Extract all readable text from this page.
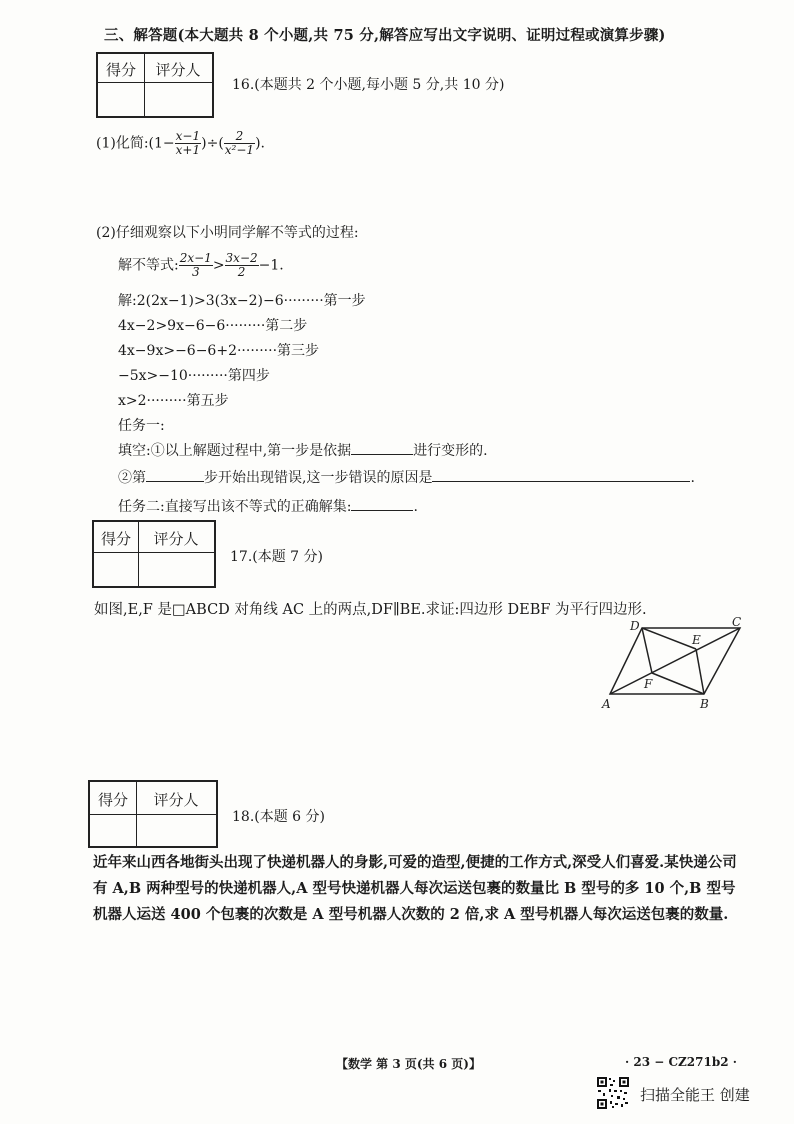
三、解答题(本大题共 8 个小题,共 75 分,解答应写出文字说明、证明过程或演算步骤)
得分	评分人
16.(本题共 2 个小题,每小题 5 分,共 10 分)
(1)化简:(1− $\frac{x-1}{x+1}$ )÷( $\frac{2}{\text{x²−1}}$ ).
(2)仔细观察以下小明同学解不等式的过程:
解不等式: $\frac{2x-1}{3} > \frac{3x-2}{2} -1$.
解:2(2x−1)>3(3x−2)−6·········第一步
4x−2>9x−6−6·········第二步
4x−9x>−6−6+2·········第三步
−5x>−10·········第四步
x>2·········第五步
任务一:
填空:①以上解题过程中,第一步是依据	进行变形的.
②第	步开始出现错误,这一步错误的原因是	.
任务二:直接写出该不等式的正确解集:	.
得分	评分人
17.(本题 7 分)
如图,E,F 是□ABCD 对角线 AC 上的两点,DF∥BE.求证:四边形 DEBF 为平行四边形.
A	B
C
D
E
F
得分	评分人
18.(本题 6 分)
近年来山西各地街头出现了快递机器人的身影,可爱的造型,便捷的工作方式,深受人们喜爱.某快递公司有 A,B 两种型号的快递机器人,A 型号快递机器人每次运送包裹的数量比 B 型号的多 10 个,B 型号机器人运送 400 个包裹的次数是 A 型号机器人次数的 2 倍,求 A 型号机器人每次运送包裹的数量.
【数学 第 3 页(共 6 页)】	· 23 − CZ271b2 ·
扫描全能王 创建
